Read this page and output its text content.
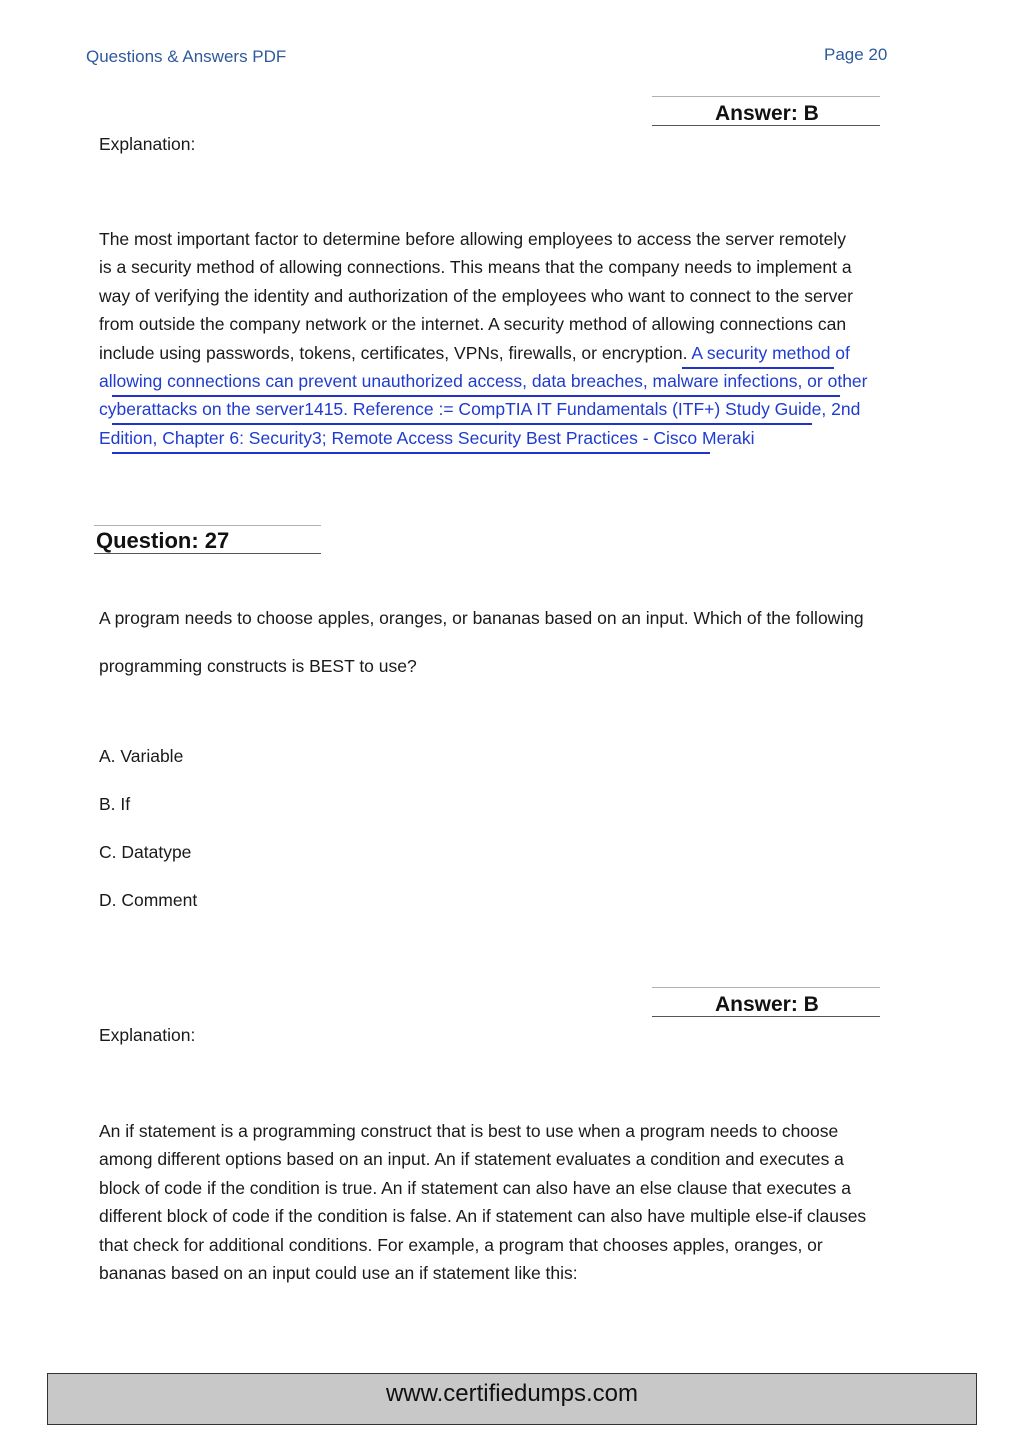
Questions & Answers PDF	Page 20
Answer: B
Explanation:
The most important factor to determine before allowing employees to access the server remotely
is a security method of allowing connections. This means that the company needs to implement a
way of verifying the identity and authorization of the employees who want to connect to the server
from outside the company network or the internet. A security method of allowing connections can
include using passwords, tokens, certificates, VPNs, firewalls, or encryption. A security method of
allowing connections can prevent unauthorized access, data breaches, malware infections, or other
cyberattacks on the server1415. Reference := CompTIA IT Fundamentals (ITF+) Study Guide, 2nd
Edition, Chapter 6: Security3; Remote Access Security Best Practices - Cisco Meraki
Question: 27
A program needs to choose apples, oranges, or bananas based on an input. Which of the following
programming constructs is BEST to use?
A. Variable
B. If
C. Datatype
D. Comment
Answer: B
Explanation:
An if statement is a programming construct that is best to use when a program needs to choose
among different options based on an input. An if statement evaluates a condition and executes a
block of code if the condition is true. An if statement can also have an else clause that executes a
different block of code if the condition is false. An if statement can also have multiple else-if clauses
that check for additional conditions. For example, a program that chooses apples, oranges, or
bananas based on an input could use an if statement like this:
www.certifiedumps.com
